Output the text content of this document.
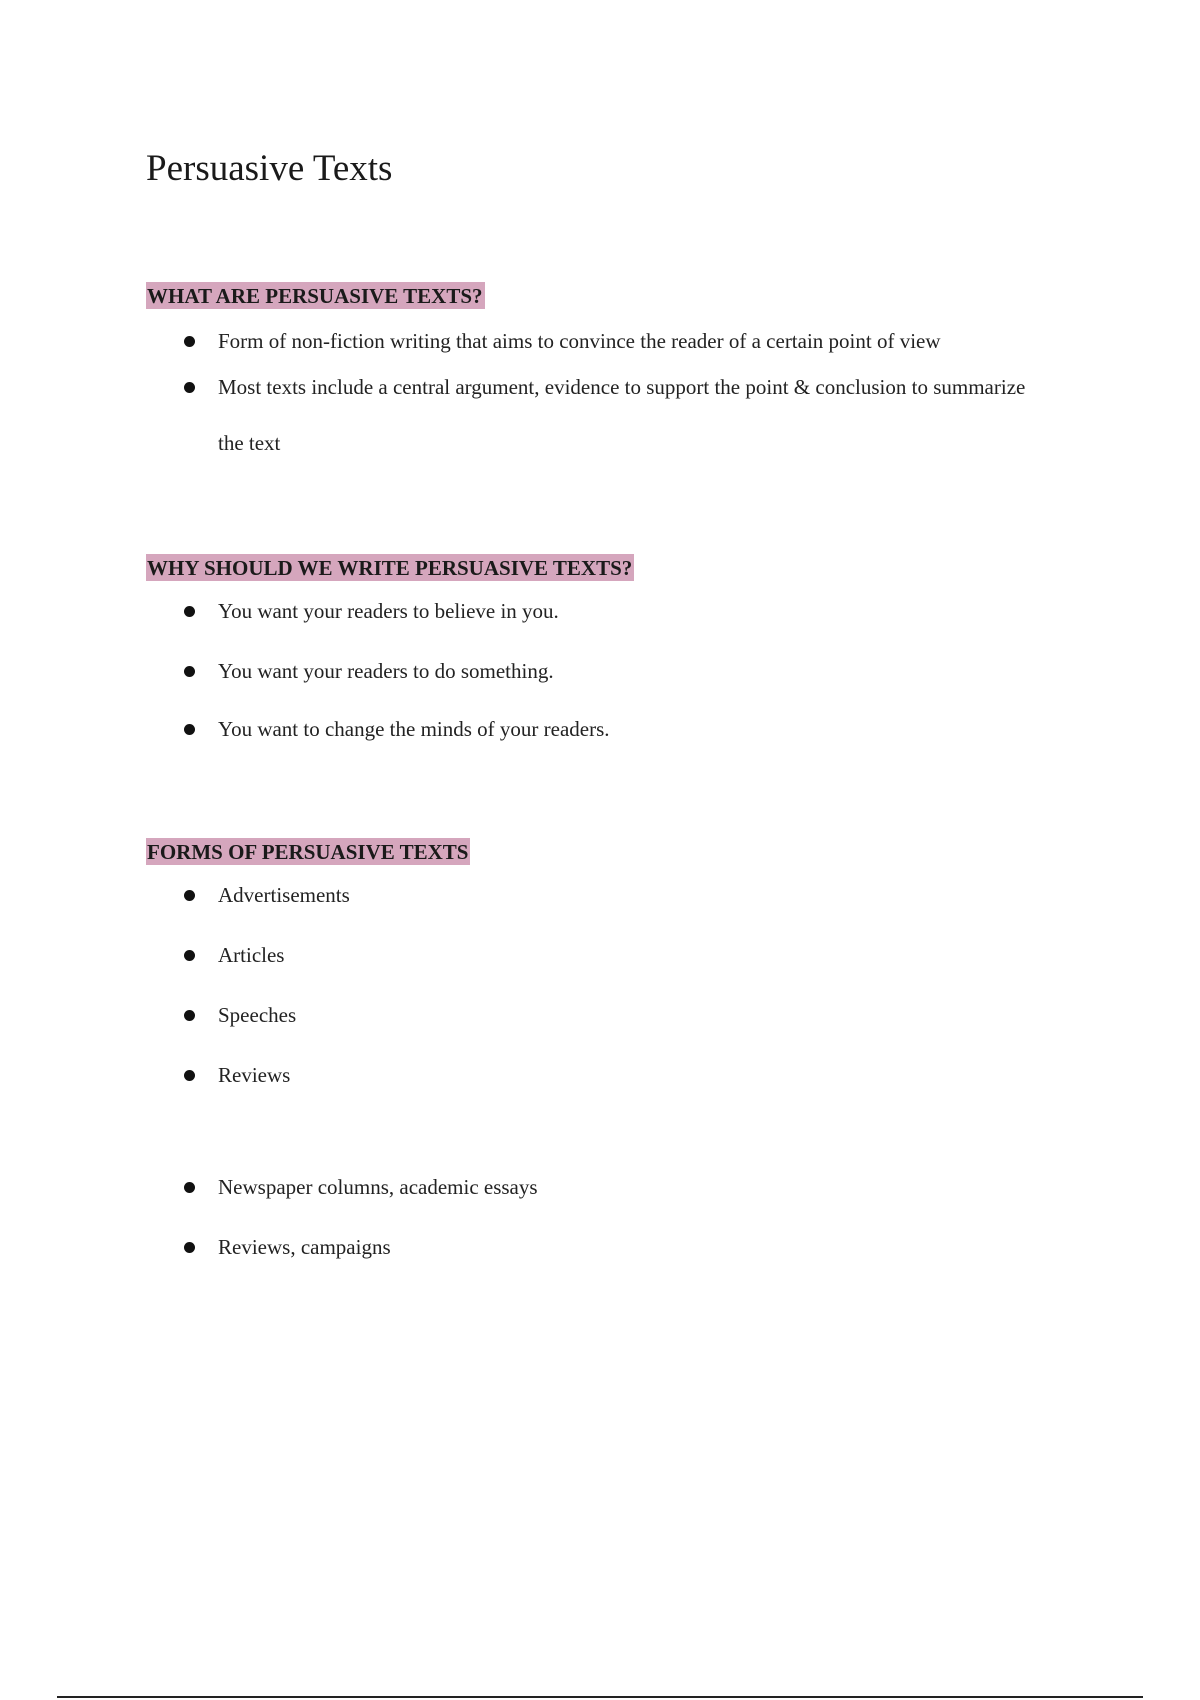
Persuasive Texts
WHAT ARE PERSUASIVE TEXTS?
Form of non-fiction writing that aims to convince the reader of a certain point of view
Most texts include a central argument, evidence to support the point & conclusion to summarize the text
WHY SHOULD WE WRITE PERSUASIVE TEXTS?
You want your readers to believe in you.
You want your readers to do something.
You want to change the minds of your readers.
FORMS OF PERSUASIVE TEXTS
Advertisements
Articles
Speeches
Reviews
Newspaper columns, academic essays
Reviews, campaigns
